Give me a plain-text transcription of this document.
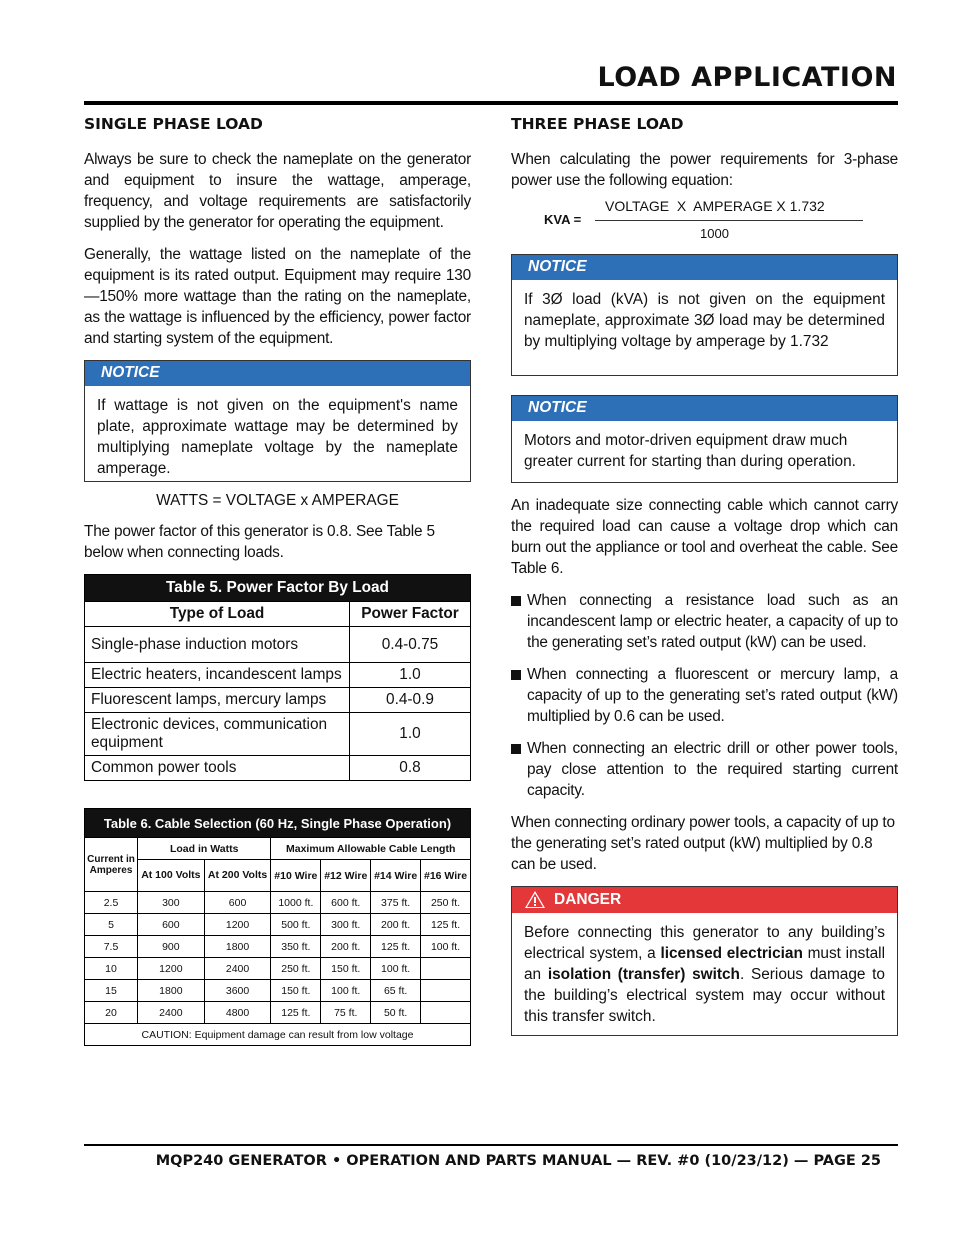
LOAD APPLICATION
SINGLE PHASE LOAD

Always be sure to check the nameplate on the generator and equipment to insure the wattage, amperage, frequency, and voltage requirements are satisfactorily supplied by the generator for operating the equipment.

Generally, the wattage listed on the nameplate of the equipment is its rated output. Equipment may require 130—150% more wattage than the rating on the nameplate, as the wattage is influenced by the efficiency, power factor and starting system of the equipment.

NOTICE
If wattage is not given on the equipment's name plate, approximate wattage may be determined by multiplying nameplate voltage by the nameplate amperage.
WATTS = VOLTAGE x AMPERAGE

The power factor of this generator is 0.8. See Table 5 below when connecting loads.

Table 5. Power Factor By Load	
Type of Load	Power Factor
Single-phase induction motors	0.4-0.75
Electric heaters, incandescent lamps	1.0
Fluorescent lamps, mercury lamps	0.4-0.9
Electronic devices, communication equipment	1.0
Common power tools	0.8
Table 6. Cable Selection (60 Hz, Single Phase Operation)						
Current in Amperes	Load in Watts		Maximum Allowable Cable Length			
	At 100 Volts	At 200 Volts	#10 Wire	#12 Wire	#14 Wire	#16 Wire
2.5	300	600	1000 ft.	600 ft.	375 ft.	250 ft.
5	600	1200	500 ft.	300 ft.	200 ft.	125 ft.
7.5	900	1800	350 ft.	200 ft.	125 ft.	100 ft.
10	1200	2400	250 ft.	150 ft.	100 ft.	
15	1800	3600	150 ft.	100 ft.	65 ft.	
20	2400	4800	125 ft.	75 ft.	50 ft.	
CAUTION: Equipment damage can result from low voltage						
THREE PHASE LOAD

When calculating the power requirements for 3-phase power use the following equation:

KVA =
VOLTAGE  X  AMPERAGE X 1.732
1000
NOTICE
If 3Ø load (kVA) is not given on the equipment nameplate, approximate 3Ø load may be determined by multiplying voltage by amperage by 1.732
NOTICE
Motors and motor-driven equipment draw much greater current for starting than during operation.

An inadequate size connecting cable which cannot carry the required load can cause a voltage drop which can burn out the appliance or tool and overheat the cable. See Table 6.

When connecting a resistance load such as an incandescent lamp or electric heater, a capacity of up to the generating set’s rated output (kW) can be used.
When connecting a fluorescent or mercury lamp, a capacity of up to the generating set’s rated output (kW) multiplied by 0.6 can be used.
When connecting an electric drill or other power tools, pay close attention to the required starting current capacity.

When connecting ordinary power tools, a capacity of up to the generating set’s rated output (kW) multiplied by 0.8 can be used.

DANGER
Before connecting this generator to any building’s electrical system, a licensed electrician must install an isolation (transfer) switch. Serious damage to the building’s electrical system may occur without this transfer switch.
MQP240 GENERATOR • OPERATION AND PARTS MANUAL — REV. #0 (10/23/12) — PAGE 25
